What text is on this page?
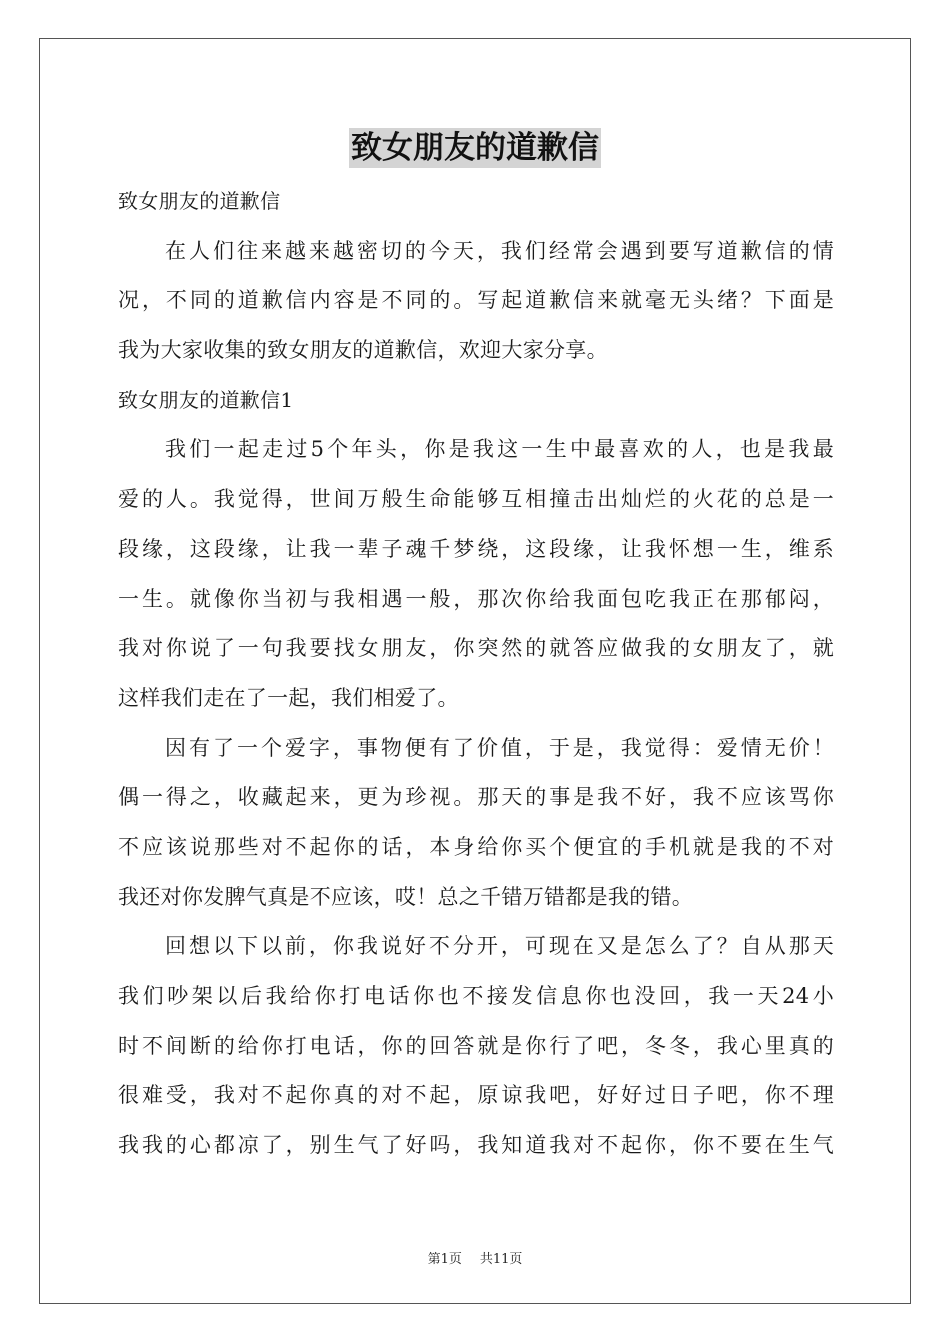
致女朋友的道歉信
致女朋友的道歉信
在人们往来越来越密切的今天，我们经常会遇到要写道歉信的情
况，不同的道歉信内容是不同的。写起道歉信来就毫无头绪？下面是
我为大家收集的致女朋友的道歉信，欢迎大家分享。
致女朋友的道歉信1
我们一起走过5个年头，你是我这一生中最喜欢的人，也是我最
爱的人。我觉得，世间万般生命能够互相撞击出灿烂的火花的总是一
段缘，这段缘，让我一辈子魂千梦绕，这段缘，让我怀想一生，维系
一生。就像你当初与我相遇一般，那次你给我面包吃我正在那郁闷，
我对你说了一句我要找女朋友，你突然的就答应做我的女朋友了，就
这样我们走在了一起，我们相爱了。
因有了一个爱字，事物便有了价值，于是，我觉得：爱情无价！
偶一得之，收藏起来，更为珍视。那天的事是我不好，我不应该骂你
不应该说那些对不起你的话，本身给你买个便宜的手机就是我的不对
我还对你发脾气真是不应该，哎！总之千错万错都是我的错。
回想以下以前，你我说好不分开，可现在又是怎么了？自从那天
我们吵架以后我给你打电话你也不接发信息你也没回，我一天24小
时不间断的给你打电话，你的回答就是你行了吧，冬冬，我心里真的
很难受，我对不起你真的对不起，原谅我吧，好好过日子吧，你不理
我我的心都凉了，别生气了好吗，我知道我对不起你，你不要在生气
第1页 共11页
